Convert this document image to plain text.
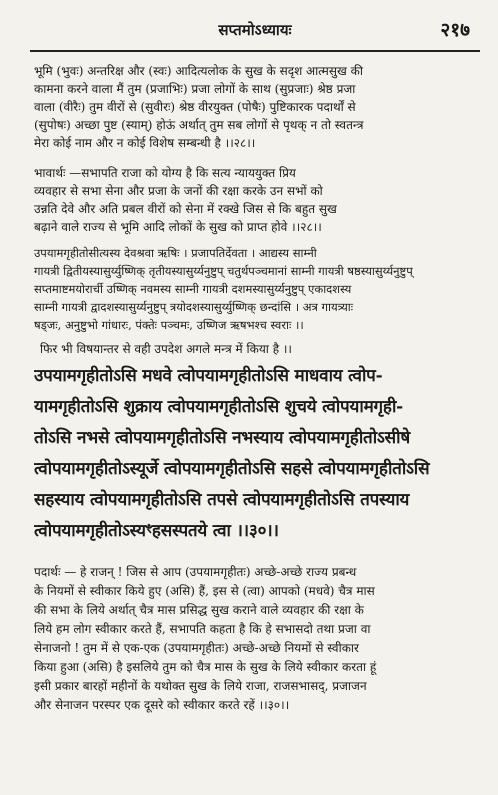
सप्तमोऽध्यायः	२१७
भूमि (भुवः) अन्तरिक्ष और (स्वः) आदित्यलोक के सुख के सदृश आत्मसुख की
कामना करने वाला मैं तुम (प्रजाभिः) प्रजा लोगों के साथ (सुप्रजाः) श्रेष्ठ प्रजा
वाला (वीरैः) तुम वीरों से (सुवीरः) श्रेष्ठ वीरयुक्त (पोषैः) पुष्टिकारक पदार्थों से
(सुपोषः) अच्छा पुष्ट (स्याम्) होऊं अर्थात् तुम सब लोगों से पृथक् न तो स्वतन्त्र
मेरा कोई नाम और न कोई विशेष सम्बन्धी है ।।२८।।
भावार्थः —सभापति राजा को योग्य है कि सत्य न्याययुक्त प्रिय
व्यवहार से सभा सेना और प्रजा के जनों की रक्षा करके उन सभों को
उन्नति देवे और अति प्रबल वीरों को सेना में रक्खे जिस से कि बहुत सुख
बढ़ाने वाले राज्य से भूमि आदि लोकों के सुख को प्राप्त होवे ।।२८।।
उपयामगृहीतोसीत्यस्य देवश्रवा ऋषिः । प्रजापतिर्देवता । आद्यस्य साम्नी
गायत्री द्वितीयस्यासुर्य्युष्णिक् तृतीयस्यासुर्य्यनुष्टुप् चतुर्थपञ्चमानां साम्नी गायत्री षष्ठस्यासुर्य्यनुष्टुप्
सप्तमाष्टमयोरार्ची उष्णिक् नवमस्य साम्नी गायत्री दशमस्यासुर्य्यनुष्टुप् एकादशस्य
साम्नी गायत्री द्वादशस्यासुर्य्यनुष्टुप् त्रयोदशस्यासुर्य्युष्णिक् छन्दांसि । अत्र गायत्र्याः
षड्जः, अनुष्टुभो गांधारः, पंक्तेः पञ्चमः, उष्णिज ऋषभश्च स्वराः ।।
फिर भी विषयान्तर से वही उपदेश अगले मन्त्र में किया है ।।
उपयामगृहीतोऽसि मधवे त्वोपयामगृहीतोऽसि माधवाय त्वोप-
यामगृहीतोऽसि शुक्राय त्वोपयामगृहीतोऽसि शुचये त्वोपयामगृही-
तोऽसि नभसे त्वोपयामगृहीतोऽसि नभस्याय त्वोपयामगृहीतोऽसीषे
त्वोपयामगृहीतोऽस्यूर्जे त्वोपयामगृहीतोऽसि सहसे त्वोपयामगृहीतोऽसि
सहस्याय त्वोपयामगृहीतोऽसि तपसे त्वोपयामगृहीतोऽसि तपस्याय
त्वोपयामगृहीतोऽस्यꣳहसस्पतये त्वा ।।३०।।
पदार्थः — हे राजन् ! जिस से आप (उपयामगृहीतः) अच्छे-अच्छे राज्य प्रबन्ध
के नियमों से स्वीकार किये हुए (असि) हैं, इस से (त्वा) आपको (मधवे) चैत्र मास
की सभा के लिये अर्थात् चैत्र मास प्रसिद्ध सुख कराने वाले व्यवहार की रक्षा के
लिये हम लोग स्वीकार करते हैं, सभापति कहता है कि हे सभासदो तथा प्रजा वा
सेनाजनो ! तुम में से एक-एक (उपयामगृहीतः) अच्छे-अच्छे नियमों से स्वीकार
किया हुआ (असि) है इसलिये तुम को चैत्र मास के सुख के लिये स्वीकार करता हूं
इसी प्रकार बारहों महीनों के यथोक्त सुख के लिये राजा, राजसभासद्, प्रजाजन
और सेनाजन परस्पर एक दूसरे को स्वीकार करते रहें ।।३०।।
